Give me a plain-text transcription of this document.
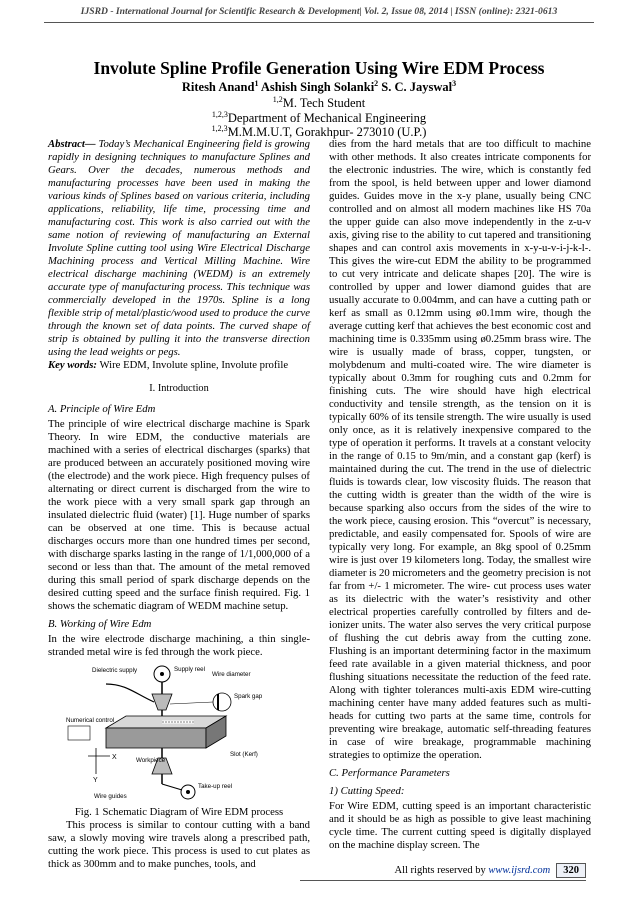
IJSRD - International Journal for Scientific Research & Development| Vol. 2, Issue 08, 2014 | ISSN (online): 2321-0613
Involute Spline Profile Generation Using Wire EDM Process
Ritesh Anand$^1$ Ashish Singh Solanki$^2$ S. C. Jayswal$^3$
$^{1,2}$M. Tech Student
$^{1,2,3}$Department of Mechanical Engineering
$^{1,2,3}$M.M.M.U.T, Gorakhpur- 273010 (U.P.)

Abstract— Today’s Mechanical Engineering field is growing rapidly in designing techniques to manufacture Splines and Gears. Over the decades, numerous methods and manufacturing processes have been used in making the various kinds of Splines based on various criteria, including applications, reliability, life time, processing time and manufacturing cost. This work is also carried out with the same notion of reviewing of manufacturing an External Involute Spline cutting tool using Wire Electrical Discharge Machining process and Vertical Milling Machine. Wire electrical discharge machining (WEDM) is an extremely accurate type of manufacturing process. This technique was commercially developed in the 1970s. Spline is a long flexible strip of metal/plastic/wood used to produce the curve through the known set of data points. The curved shape of strip is obtained by pulling it into the transverse direction using the lead weights or pegs.

Key words: Wire EDM, Involute spline, Involute profile

I. Introduction
A. Principle of Wire Edm

The principle of wire electrical discharge machine is Spark Theory. In wire EDM, the conductive materials are machined with a series of electrical discharges (sparks) that are produced between an accurately positioned moving wire (the electrode) and the work piece. High frequency pulses of alternating or direct current is discharged from the wire to the work piece with a very small spark gap through an insulated dielectric fluid (water) [1]. Huge number of sparks can be observed at one time. This is because actual discharges occurs more than one hundred times per second, with discharge sparks lasting in the range of 1/1,000,000 of a second or less than that. The amount of the metal removed during this small period of spark discharge depends on the desired cutting speed and the surface finish required. Fig. 1 shows the schematic diagram of WEDM machine setup.

B. Working of Wire Edm

In the wire electrode discharge machining, a thin single-stranded metal wire is fed through the work piece.

Dielectric supply	Supply reel
Wire diameter
Spark gap
Numerical control
X
Y
Workpiece
Slot (Kerf)
Take-up reel
Wire guides
Fig. 1 Schematic Diagram of Wire EDM process

This process is similar to contour cutting with a band saw, a slowly moving wire travels along a prescribed path, cutting the work piece. This process is used to cut plates as thick as 300mm and to make punches, tools, and

dies from the hard metals that are too difficult to machine with other methods. It also creates intricate components for the electronic industries. The wire, which is constantly fed from the spool, is held between upper and lower diamond guides. Guides move in the x-y plane, usually being CNC controlled and on almost all modern machines like HS 70a the upper guide can also move independently in the z-u-v axis, giving rise to the ability to cut tapered and transitioning shapes and can control axis movements in x-y-u-v-i-j-k-l-. This gives the wire-cut EDM the ability to be programmed to cut very intricate and delicate shapes [20]. The wire is controlled by upper and lower diamond guides that are usually accurate to 0.004mm, and can have a cutting path or kerf as small as 0.12mm using ø0.1mm wire, though the average cutting kerf that achieves the best economic cost and machining time is 0.335mm using ø0.25mm brass wire. The wire is usually made of brass, copper, tungsten, or molybdenum and multi-coated wire. The wire diameter is typically about 0.3mm for roughing cuts and 0.2mm for finishing cuts. The wire should have high electrical conductivity and tensile strength, as the tension on it is typically 60% of its tensile strength. The wire usually is used only once, as it is relatively inexpensive compared to the type of operation it performs. It travels at a constant velocity in the range of 0.15 to 9m/min, and a constant gap (kerf) is maintained during the cut. The trend in the use of dielectric fluids is towards clear, low viscosity fluids. The reason that the cutting width is greater than the width of the wire is because sparking also occurs from the sides of the wire to the work piece, causing erosion. This “overcut” is necessary, predictable, and easily compensated for. Spools of wire are typically very long. For example, an 8kg spool of 0.25mm wire is just over 19 kilometers long. Today, the smallest wire diameter is 20 micrometers and the geometry precision is not far from +/- 1 micrometer. The wire- cut process uses water as its dielectric with the water’s resistivity and other electrical properties carefully controlled by filters and de-ionizer units. The water also serves the very critical purpose of flushing the cut debris away from the cutting zone. Flushing is an important determining factor in the maximum feed rate available in a given material thickness, and poor flushing situations necessitate the reduction of the feed rate. Along with tighter tolerances multi-axis EDM wire-cutting machining center have many added features such as multi-heads for cutting two parts at the same time, controls for preventing wire breakage, automatic self-threading features in case of wire breakage, programmable machining strategies to optimize the operation.

C. Performance Parameters
1) Cutting Speed:

For Wire EDM, cutting speed is an important characteristic and it should be as high as possible to give least machining cycle time. The current cutting speed is digitally displayed on the machine display screen. The

All rights reserved by www.ijsrd.com 320
